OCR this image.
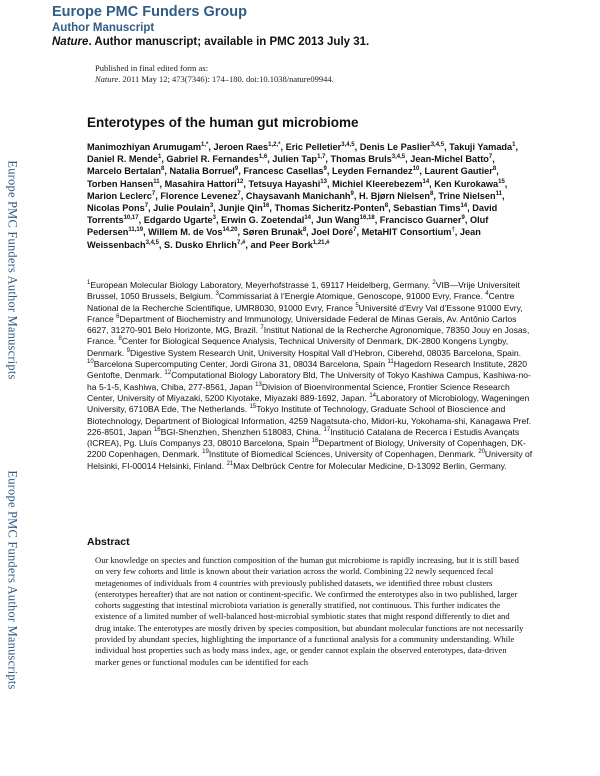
Europe PMC Funders Author Manuscripts
Europe PMC Funders Author Manuscripts
Europe PMC Funders Group
Author Manuscript
Nature. Author manuscript; available in PMC 2013 July 31.
Published in final edited form as:
Nature. 2011 May 12; 473(7346): 174–180. doi:10.1038/nature09944.
Enterotypes of the human gut microbiome
Manimozhiyan Arumugam$^{1,*}$, Jeroen Raes$^{1,2,*}$, Eric Pelletier$^{3,4,5}$, Denis Le Paslier$^{3,4,5}$, Takuji Yamada$^1$, Daniel R. Mende$^1$, Gabriel R. Fernandes$^{1,6}$, Julien Tap$^{1,7}$, Thomas Bruls$^{3,4,5}$, Jean-Michel Batto$^7$, Marcelo Bertalan$^8$, Natalia Borruel$^9$, Francesc Casellas$^9$, Leyden Fernandez$^{10}$, Laurent Gautier$^8$, Torben Hansen$^{11}$, Masahira Hattori$^{12}$, Tetsuya Hayashi$^{13}$, Michiel Kleerebezem$^{14}$, Ken Kurokawa$^{15}$, Marion Leclerc$^7$, Florence Levenez$^7$, Chaysavanh Manichanh$^9$, H. Bjørn Nielsen$^8$, Trine Nielsen$^{11}$, Nicolas Pons$^7$, Julie Poulain$^3$, Junjie Qin$^{16}$, Thomas Sicheritz-Ponten$^8$, Sebastian Tims$^{14}$, David Torrents$^{10,17}$, Edgardo Ugarte$^3$, Erwin G. Zoetendal$^{14}$, Jun Wang$^{16,18}$, Francisco Guarner$^9$, Oluf Pedersen$^{11,19}$, Willem M. de Vos$^{14,20}$, Søren Brunak$^8$, Joel Doré$^7$, MetaHIT Consortium†, Jean Weissenbach$^{3,4,5}$, S. Dusko Ehrlich$^{7,\#}$, and Peer Bork$^{1,21,\#}$
$^1$European Molecular Biology Laboratory, Meyerhofstrasse 1, 69117 Heidelberg, Germany. $^2$VIB—Vrije Universiteit Brussel, 1050 Brussels, Belgium. $^3$Commissariat à l’Energie Atomique, Genoscope, 91000 Evry, France. $^4$Centre National de la Recherche Scientifique, UMR8030, 91000 Evry, France $^5$Université d’Evry Val d’Essone 91000 Evry, France $^6$Department of Biochemistry and Immunology, Universidade Federal de Minas Gerais, Av. Antônio Carlos 6627, 31270-901 Belo Horizonte, MG, Brazil. $^7$Institut National de la Recherche Agronomique, 78350 Jouy en Josas, France. $^8$Center for Biological Sequence Analysis, Technical University of Denmark, DK-2800 Kongens Lyngby, Denmark. $^9$Digestive System Research Unit, University Hospital Vall d’Hebron, Ciberehd, 08035 Barcelona, Spain. $^{10}$Barcelona Supercomputing Center, Jordi Girona 31, 08034 Barcelona, Spain $^{11}$Hagedorn Research Institute, 2820 Gentofte, Denmark. $^{12}$Computational Biology Laboratory Bld, The University of Tokyo Kashiwa Campus, Kashiwa-no-ha 5-1-5, Kashiwa, Chiba, 277-8561, Japan $^{13}$Division of Bioenvironmental Science, Frontier Science Research Center, University of Miyazaki, 5200 Kiyotake, Miyazaki 889-1692, Japan. $^{14}$Laboratory of Microbiology, Wageningen University, 6710BA Ede, The Netherlands. $^{15}$Tokyo Institute of Technology, Graduate School of Bioscience and Biotechnology, Department of Biological Information, 4259 Nagatsuta-cho, Midori-ku, Yokohama-shi, Kanagawa Pref. 226-8501, Japan $^{16}$BGI-Shenzhen, Shenzhen 518083, China. $^{17}$Institució Catalana de Recerca i Estudis Avançats (ICREA), Pg. Lluís Companys 23, 08010 Barcelona, Spain $^{18}$Department of Biology, University of Copenhagen, DK-2200 Copenhagen, Denmark. $^{19}$Institute of Biomedical Sciences, University of Copenhagen, Denmark. $^{20}$University of Helsinki, FI-00014 Helsinki, Finland. $^{21}$Max Delbrück Centre for Molecular Medicine, D-13092 Berlin, Germany.
Abstract
Our knowledge on species and function composition of the human gut microbiome is rapidly increasing, but it is still based on very few cohorts and little is known about their variation across the world. Combining 22 newly sequenced fecal metagenomes of individuals from 4 countries with previously published datasets, we identified three robust clusters (enterotypes hereafter) that are not nation or continent-specific. We confirmed the enterotypes also in two published, larger cohorts suggesting that intestinal microbiota variation is generally stratified, not continuous. This further indicates the existence of a limited number of well-balanced host-microbial symbiotic states that might respond differently to diet and drug intake. The enterotypes are mostly driven by species composition, but abundant molecular functions are not necessarily provided by abundant species, highlighting the importance of a functional analysis for a community understanding. While individual host properties such as body mass index, age, or gender cannot explain the observed enterotypes, data-driven marker genes or functional modules can be identified for each
